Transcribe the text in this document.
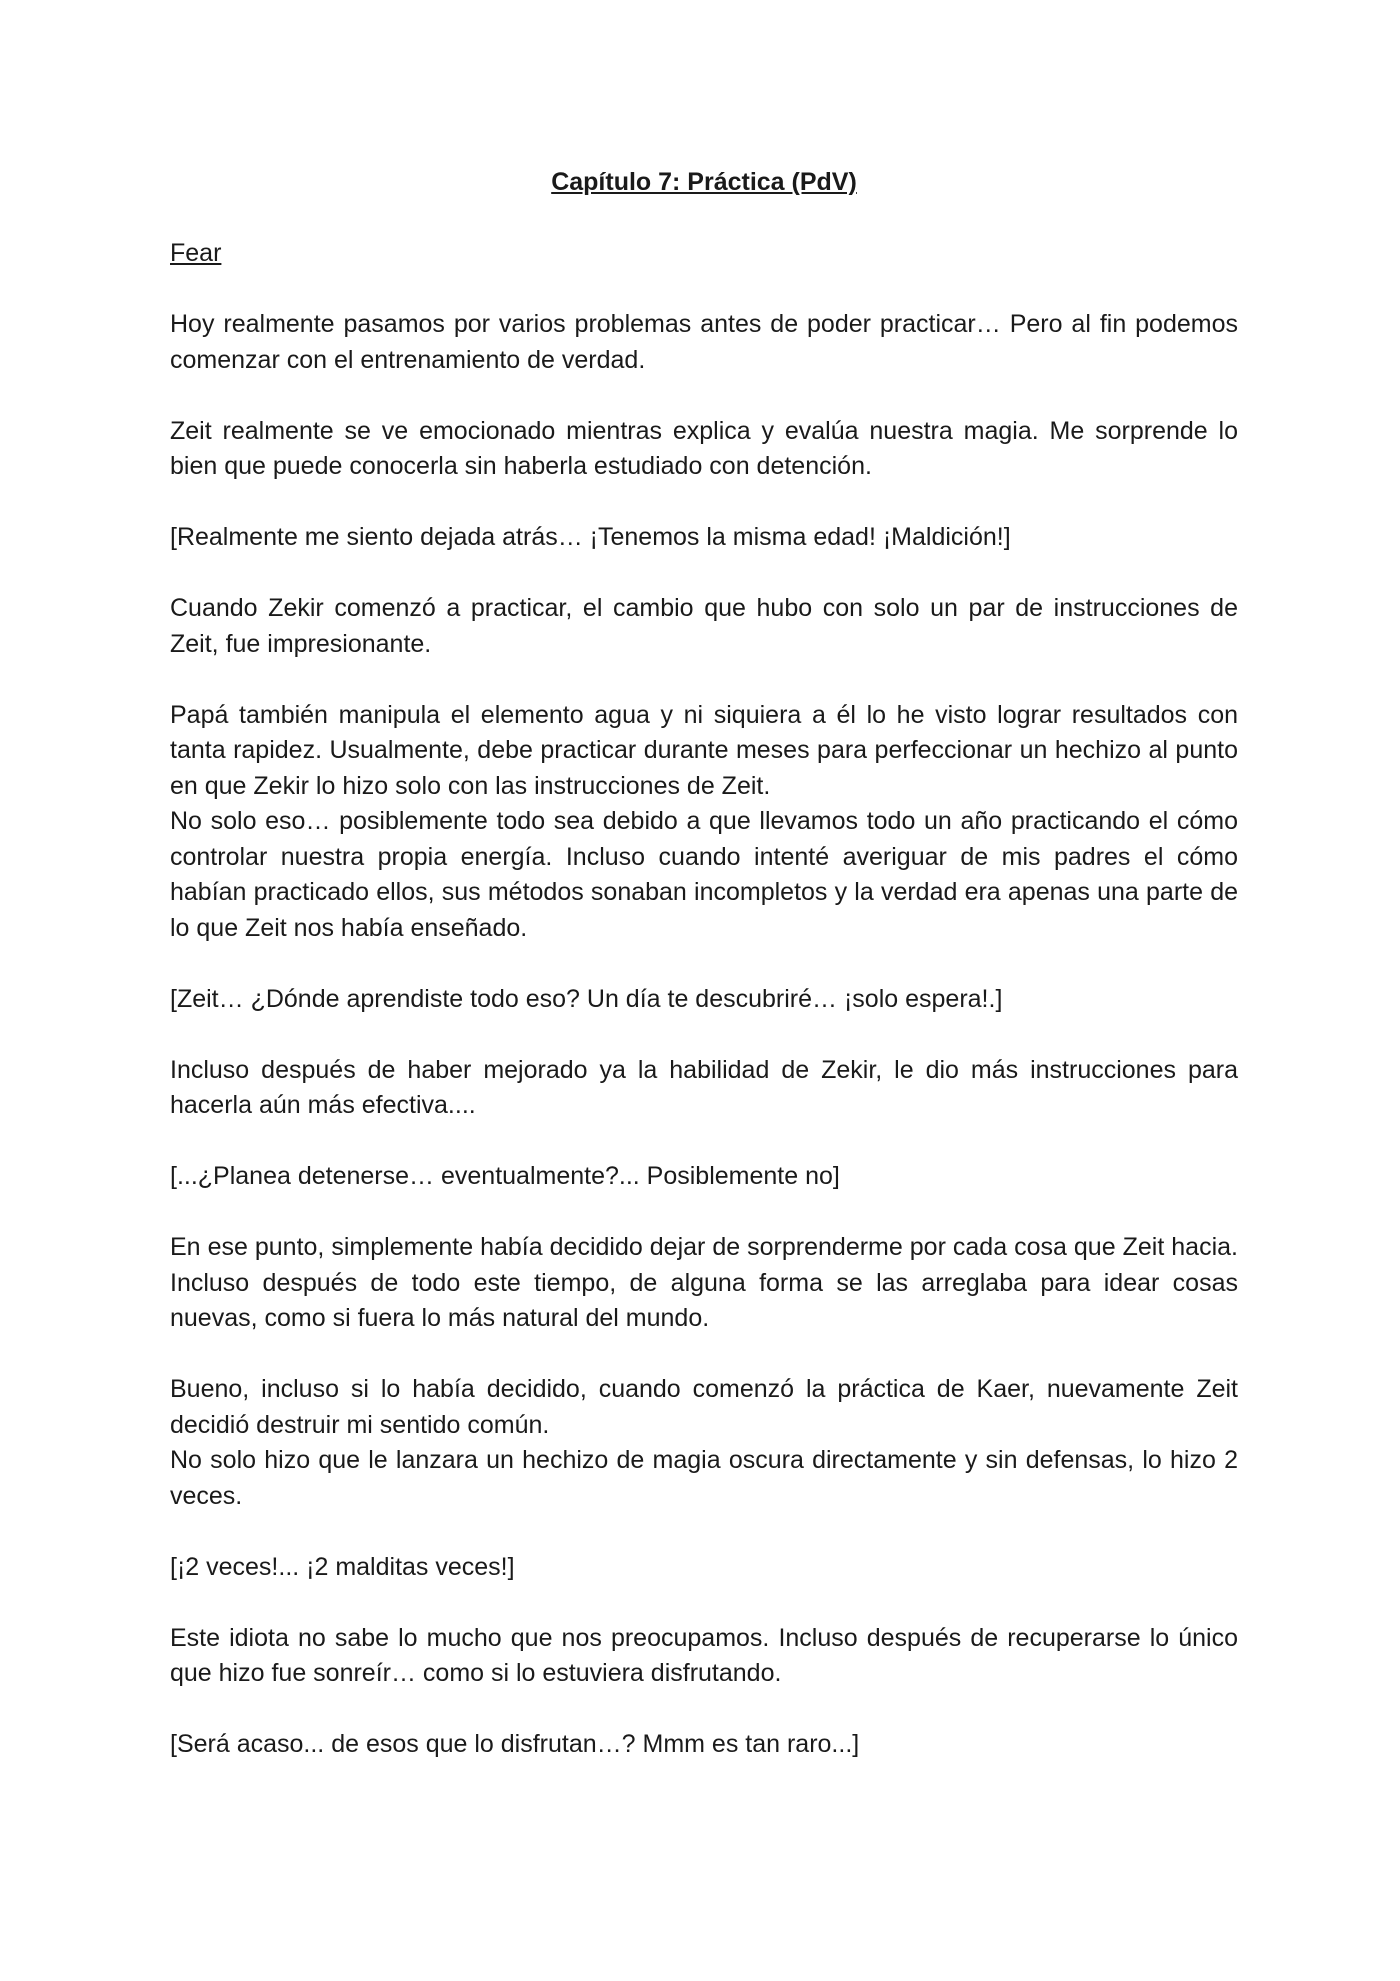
Capítulo 7: Práctica (PdV)
Fear
Hoy realmente pasamos por varios problemas antes de poder practicar… Pero al fin podemos comenzar con el entrenamiento de verdad.
Zeit realmente se ve emocionado mientras explica y evalúa nuestra magia. Me sorprende lo bien que puede conocerla sin haberla estudiado con detención.
[Realmente me siento dejada atrás… ¡Tenemos la misma edad! ¡Maldición!]
Cuando Zekir comenzó a practicar, el cambio que hubo con solo un par de instrucciones de Zeit, fue impresionante.
Papá también manipula el elemento agua y ni siquiera a él lo he visto lograr resultados con tanta rapidez. Usualmente, debe practicar durante meses para perfeccionar un hechizo al punto en que Zekir lo hizo solo con las instrucciones de Zeit.
No solo eso… posiblemente todo sea debido a que llevamos todo un año practicando el cómo controlar nuestra propia energía. Incluso cuando intenté averiguar de mis padres el cómo habían practicado ellos, sus métodos sonaban incompletos y la verdad era apenas una parte de lo que Zeit nos había enseñado.
[Zeit… ¿Dónde aprendiste todo eso? Un día te descubriré… ¡solo espera!.]
Incluso después de haber mejorado ya la habilidad de Zekir, le dio más instrucciones para hacerla aún más efectiva....
[...¿Planea detenerse… eventualmente?... Posiblemente no]
En ese punto, simplemente había decidido dejar de sorprenderme por cada cosa que Zeit hacia. Incluso después de todo este tiempo, de alguna forma se las arreglaba para idear cosas nuevas, como si fuera lo más natural del mundo.
Bueno, incluso si lo había decidido, cuando comenzó la práctica de Kaer, nuevamente Zeit decidió destruir mi sentido común.
No solo hizo que le lanzara un hechizo de magia oscura directamente y sin defensas, lo hizo 2 veces.
[¡2 veces!... ¡2 malditas veces!]
Este idiota no sabe lo mucho que nos preocupamos. Incluso después de recuperarse lo único que hizo fue sonreír… como si lo estuviera disfrutando.
[Será acaso... de esos que lo disfrutan…? Mmm es tan raro...]
